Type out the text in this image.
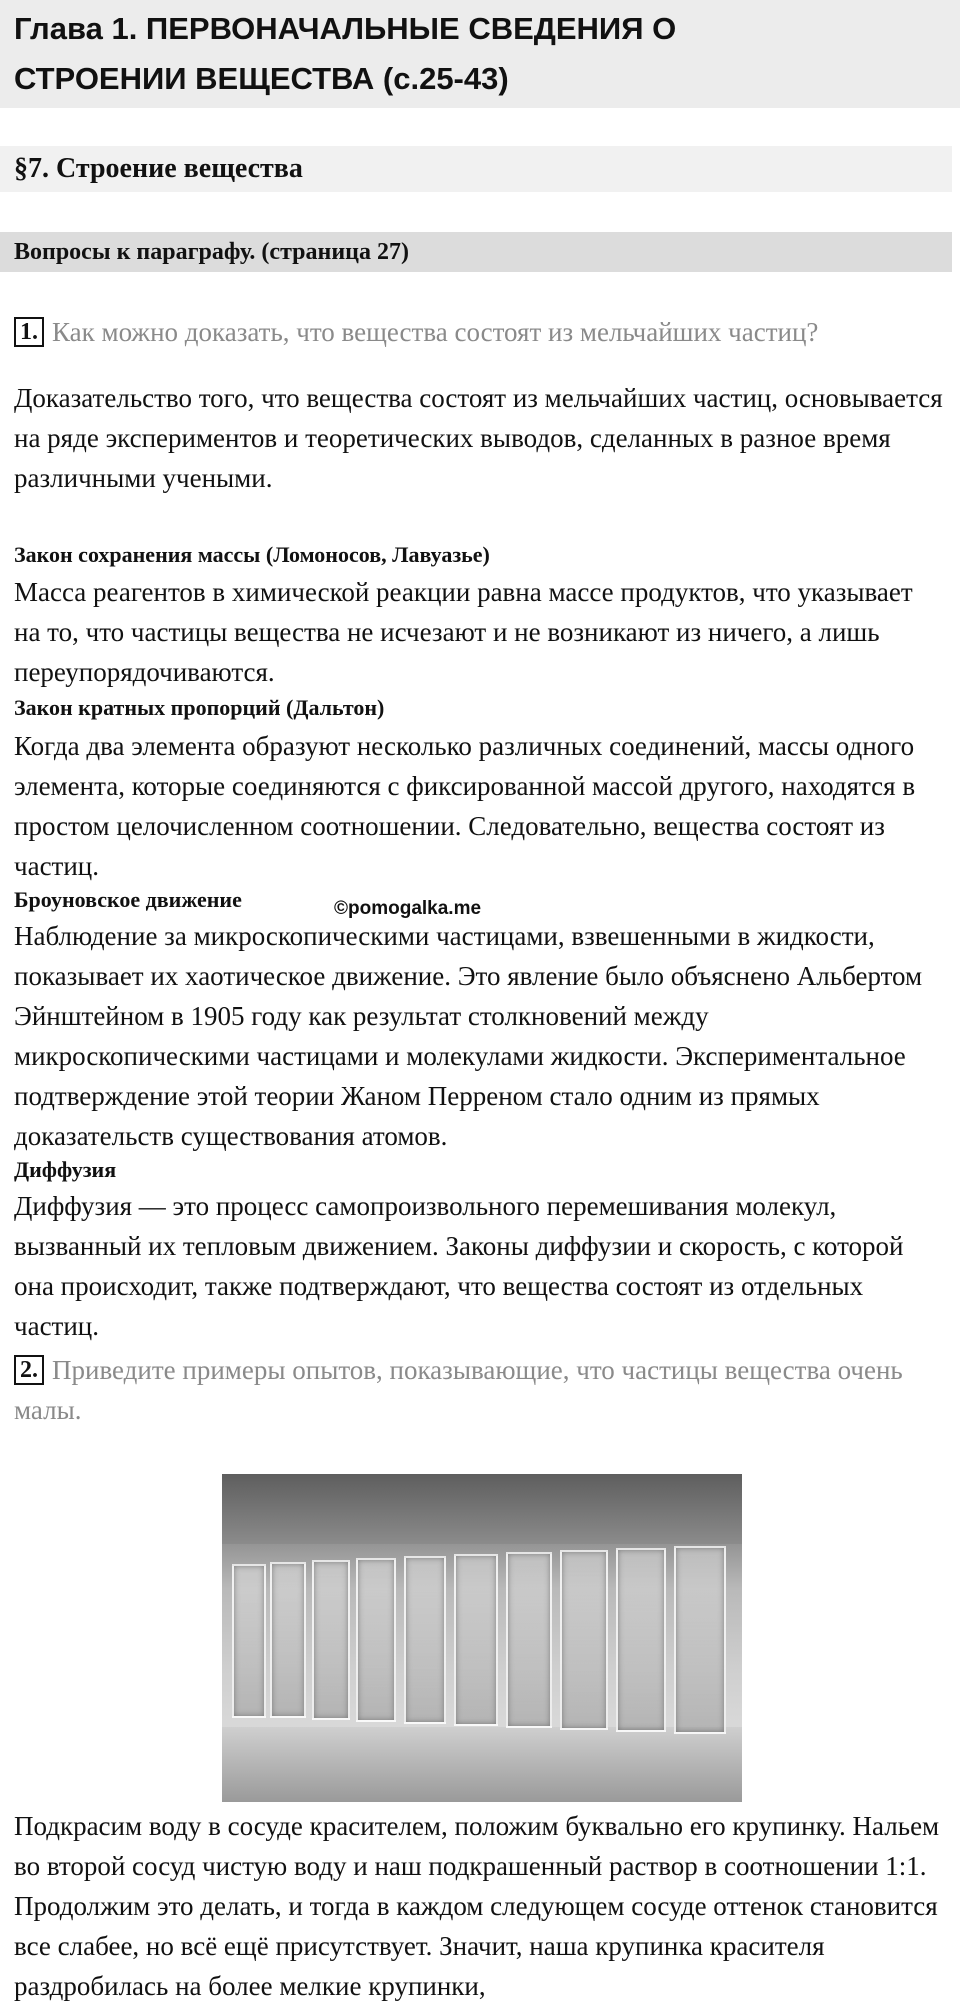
Глава 1. ПЕРВОНАЧАЛЬНЫЕ СВЕДЕНИЯ О
СТРОЕНИИ ВЕЩЕСТВА (с.25-43)
§7. Строение вещества
Вопросы к параграфу. (страница 27)
1. Как можно доказать, что вещества состоят из мельчайших частиц?
Доказательство того, что вещества состоят из мельчайших частиц, основывается на ряде экспериментов и теоретических выводов, сделанных в разное время различными учеными.
Закон сохранения массы (Ломоносов, Лавуазье)
Масса реагентов в химической реакции равна массе продуктов, что указывает на то, что частицы вещества не исчезают и не возникают из ничего, а лишь переупорядочиваются.
Закон кратных пропорций (Дальтон)
Когда два элемента образуют несколько различных соединений, массы одного элемента, которые соединяются с фиксированной массой другого, находятся в простом целочисленном соотношении. Следовательно, вещества состоят из частиц.
Броуновское движение	©pomogalka.me
Наблюдение за микроскопическими частицами, взвешенными в жидкости, показывает их хаотическое движение. Это явление было объяснено Альбертом Эйнштейном в 1905 году как результат столкновений между микроскопическими частицами и молекулами жидкости. Экспериментальное подтверждение этой теории Жаном Перреном стало одним из прямых доказательств существования атомов.
Диффузия
Диффузия — это процесс самопроизвольного перемешивания молекул, вызванный их тепловым движением. Законы диффузии и скорость, с которой она происходит, также подтверждают, что вещества состоят из отдельных частиц.
2. Приведите примеры опытов, показывающие, что частицы вещества очень малы.
Подкрасим воду в сосуде красителем, положим буквально его крупинку. Нальем во второй сосуд чистую воду и наш подкрашенный раствор в соотношении 1:1. Продолжим это делать, и тогда в каждом следующем сосуде оттенок становится все слабее, но всё ещё присутствует. Значит, наша крупинка красителя раздробилась на более мелкие крупинки,
